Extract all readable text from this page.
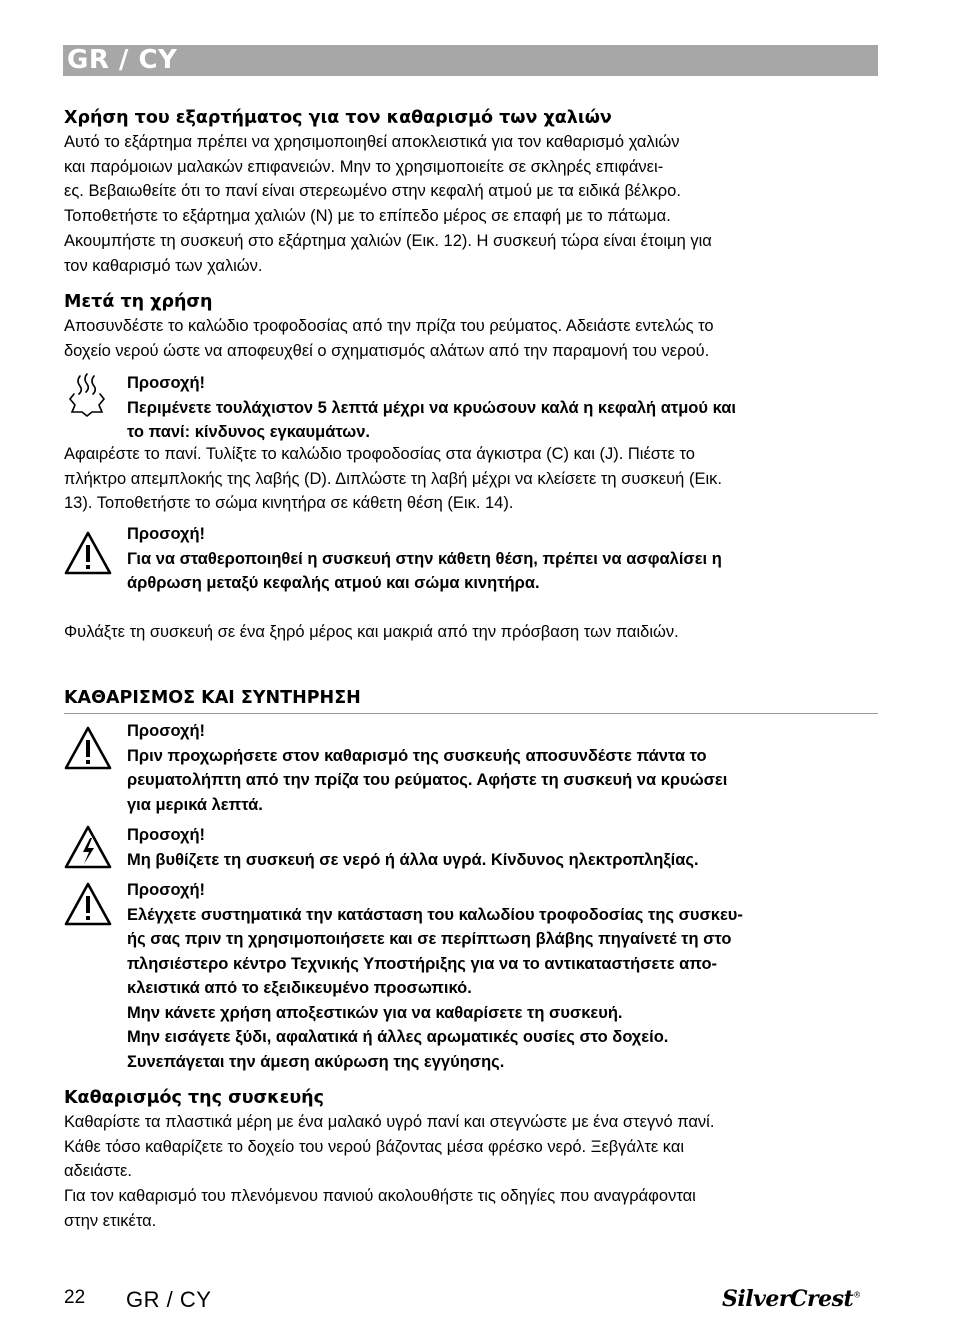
GR / CY
Χρήση του εξαρτήματος για τον καθαρισμό των χαλιών
Αυτό το εξάρτημα πρέπει να χρησιμοποιηθεί αποκλειστικά για τον καθαρισμό χαλιών
και παρόμοιων μαλακών επιφανειών. Μην το χρησιμοποιείτε σε σκληρές επιφάνει-
ες. Βεβαιωθείτε ότι το πανί είναι στερεωμένο στην κεφαλή ατμού με τα ειδικά βέλκρο.
Τοποθετήστε το εξάρτημα χαλιών (N) με το επίπεδο μέρος σε επαφή με το πάτωμα.
Ακουμπήστε τη συσκευή στο εξάρτημα χαλιών (Εικ. 12). Η συσκευή τώρα είναι έτοιμη για
τον καθαρισμό των χαλιών.
Μετά τη χρήση
Αποσυνδέστε το καλώδιο τροφοδοσίας από την πρίζα του ρεύματος. Αδειάστε εντελώς το
δοχείο νερού ώστε να αποφευχθεί ο σχηματισμός αλάτων από την παραμονή του νερού.
Προσοχή!
Περιμένετε τουλάχιστον 5 λεπτά μέχρι να κρυώσουν καλά η κεφαλή ατμού και
το πανί: κίνδυνος εγκαυμάτων.
Αφαιρέστε το πανί. Τυλίξτε το καλώδιο τροφοδοσίας στα άγκιστρα (C) και (J). Πιέστε το
πλήκτρο απεμπλοκής της λαβής (D). Διπλώστε τη λαβή μέχρι να κλείσετε τη συσκευή (Εικ.
13). Τοποθετήστε το σώμα κινητήρα σε κάθετη θέση (Εικ. 14).
Προσοχή!
Για να σταθεροποιηθεί η συσκευή στην κάθετη θέση, πρέπει να ασφαλίσει η
άρθρωση μεταξύ κεφαλής ατμού και σώμα κινητήρα.
Φυλάξτε τη συσκευή σε ένα ξηρό μέρος και μακριά από την πρόσβαση των παιδιών.
ΚΑΘΑΡΙΣΜΟΣ ΚΑΙ ΣΥΝΤΗΡΗΣΗ
Προσοχή!
Πριν προχωρήσετε στον καθαρισμό της συσκευής αποσυνδέστε πάντα το
ρευματολήπτη από την πρίζα του ρεύματος. Αφήστε τη συσκευή να κρυώσει
για μερικά λεπτά.
Προσοχή!
Μη βυθίζετε τη συσκευή σε νερό ή άλλα υγρά. Κίνδυνος ηλεκτροπληξίας.
Προσοχή!
Ελέγχετε συστηματικά την κατάσταση του καλωδίου τροφοδοσίας της συσκευ-
ής σας πριν τη χρησιμοποιήσετε και σε περίπτωση βλάβης πηγαίνετέ τη στο
πλησιέστερο κέντρο Τεχνικής Υποστήριξης για να το αντικαταστήσετε απο-
κλειστικά από το εξειδικευμένο προσωπικό.
Μην κάνετε χρήση αποξεστικών για να καθαρίσετε τη συσκευή.
Μην εισάγετε ξύδι, αφαλατικά ή άλλες αρωματικές ουσίες στο δοχείο.
Συνεπάγεται την άμεση ακύρωση της εγγύησης.
Καθαρισμός της συσκευής
Καθαρίστε τα πλαστικά μέρη με ένα μαλακό υγρό πανί και στεγνώστε με ένα στεγνό πανί.
Κάθε τόσο καθαρίζετε το δοχείο του νερού βάζοντας μέσα φρέσκο νερό. Ξεβγάλτε και
αδειάστε.
Για τον καθαρισμό του πλενόμενου πανιού ακολουθήστε τις οδηγίες που αναγράφονται
στην ετικέτα.
22 GR / CY	SilverCrest®
